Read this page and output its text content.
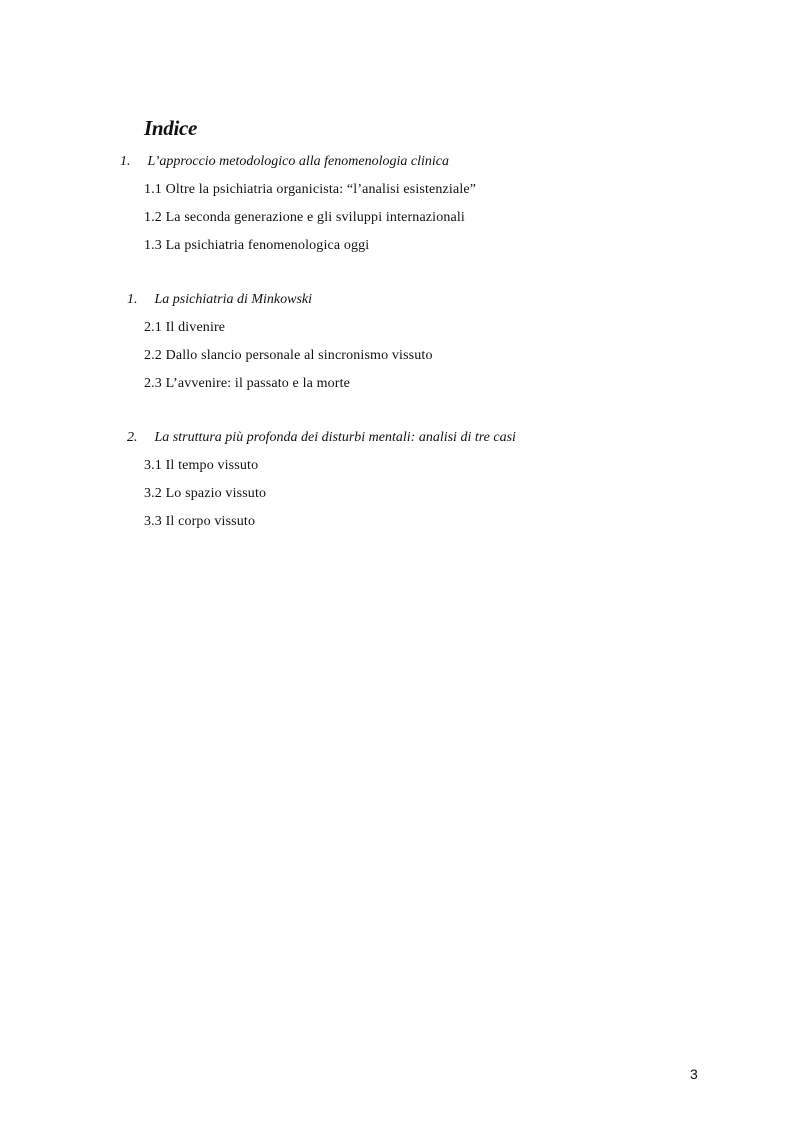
Indice
1. L’approccio metodologico alla fenomenologia clinica
1.1 Oltre la psichiatria organicista: “l’analisi esistenziale”
1.2 La seconda generazione e gli sviluppi internazionali
1.3 La psichiatria fenomenologica oggi
1. La psichiatria di Minkowski
2.1 Il divenire
2.2 Dallo slancio personale al sincronismo vissuto
2.3 L’avvenire: il passato e la morte
2. La struttura più profonda dei disturbi mentali: analisi di tre casi
3.1 Il tempo vissuto
3.2 Lo spazio vissuto
3.3 Il corpo vissuto
3
